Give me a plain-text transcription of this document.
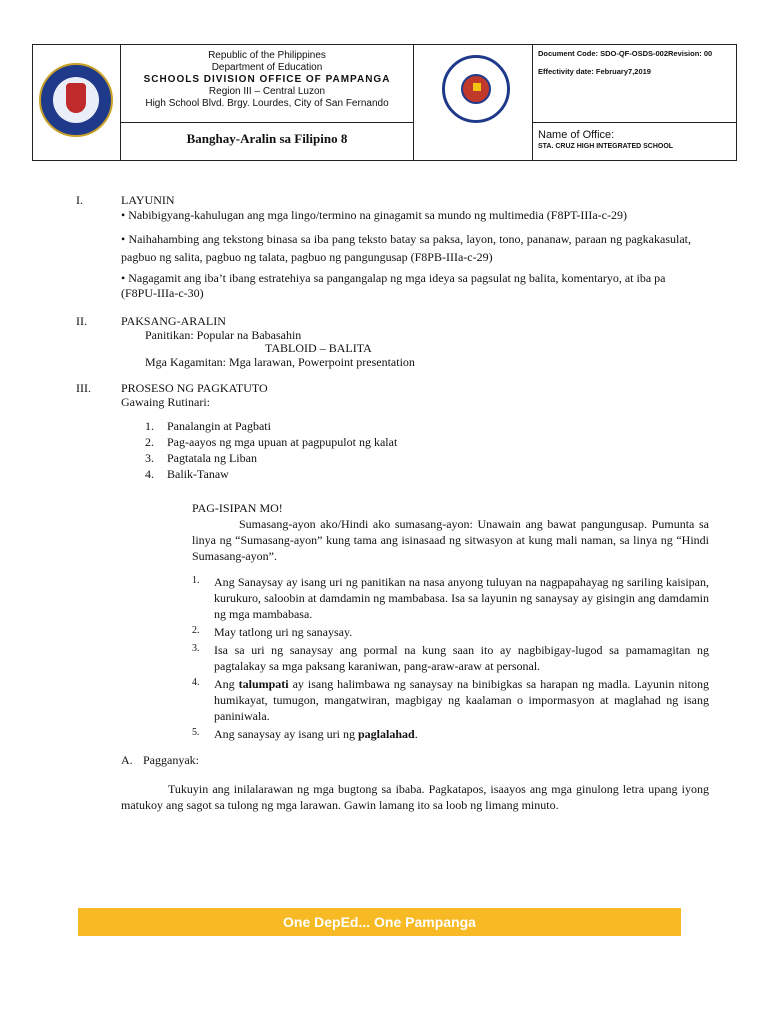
Republic of the Philippines
Department of Education
SCHOOLS DIVISION OFFICE OF PAMPANGA
Region III – Central Luzon
High School Blvd. Brgy. Lourdes, City of San Fernando
Banghay-Aralin sa Filipino 8
Document Code: SDO-QF-OSDS-002Revision: 00
Effectivity date: February7,2019
Name of Office:
STA. CRUZ HIGH INTEGRATED SCHOOL
I.	LAYUNIN
• Nabibigyang-kahulugan ang mga lingo/termino na ginagamit sa mundo ng multimedia (F8PT-IIIa-c-29)
• Naihahambing ang tekstong binasa sa iba pang teksto batay sa paksa, layon, tono, pananaw, paraan ng pagkakasulat, pagbuo ng salita, pagbuo ng talata, pagbuo ng pangungusap (F8PB-IIIa-c-29)
• Nagagamit ang iba’t ibang estratehiya sa pangangalap ng mga ideya sa pagsulat ng balita, komentaryo, at iba pa (F8PU-IIIa-c-30)
II.	PAKSANG-ARALIN
Panitikan: Popular na Babasahin
TABLOID – BALITA
Mga Kagamitan: Mga larawan, Powerpoint presentation
III.	PROSESO NG PAGKATUTO
Gawaing Rutinari:
1. Panalangin at Pagbati
2. Pag-aayos ng mga upuan at pagpupulot ng kalat
3. Pagtatala ng Liban
4. Balik-Tanaw
PAG-ISIPAN MO!
Sumasang-ayon ako/Hindi ako sumasang-ayon: Unawain ang bawat pangungusap. Pumunta sa linya ng “Sumasang-ayon” kung tama ang isinasaad ng sitwasyon at kung mali naman, sa linya ng “Hindi Sumasang-ayon”.
1.	Ang Sanaysay ay isang uri ng panitikan na nasa anyong tuluyan na nagpapahayag ng sariling kaisipan, kurukuro, saloobin at damdamin ng mambabasa. Isa sa layunin ng sanaysay ay gisingin ang damdamin ng mga mambabasa.
2.	May tatlong uri ng sanaysay.
3.	Isa sa uri ng sanaysay ang pormal na kung saan ito ay nagbibigay-lugod sa pamamagitan ng pagtalakay sa mga paksang karaniwan, pang-araw-araw at personal.
4.	Ang talumpati ay isang halimbawa ng sanaysay na binibigkas sa harapan ng madla. Layunin nitong humikayat, tumugon, mangatwiran, magbigay ng kaalaman o impormasyon at maglahad ng isang paniniwala.
5.	Ang sanaysay ay isang uri ng paglalahad.
A. Pagganyak:
Tukuyin ang inilalarawan ng mga bugtong sa ibaba. Pagkatapos, isaayos ang mga ginulong letra upang iyong matukoy ang sagot sa tulong ng mga larawan. Gawin lamang ito sa loob ng limang minuto.
One DepEd... One Pampanga
